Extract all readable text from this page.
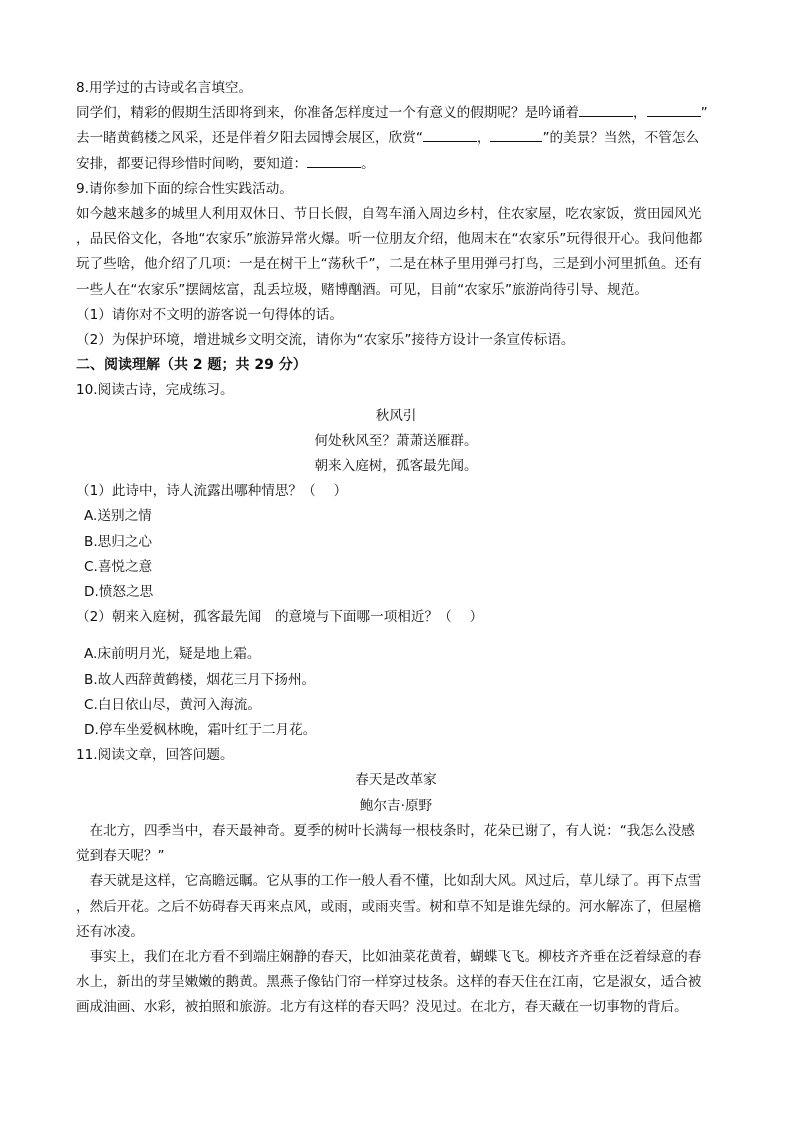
8.用学过的古诗或名言填空。

同学们，精彩的假期生活即将到来，你准备怎样度过一个有意义的假期呢？是吟诵着	，	”

去一睹黄鹤楼之风采，还是伴着夕阳去园博会展区，欣赏“	，	”的美景？当然，不管怎么

安排，都要记得珍惜时间哟，要知道：	。

9.请你参加下面的综合性实践活动。

如今越来越多的城里人利用双休日、节日长假，自驾车涌入周边乡村，住农家屋，吃农家饭，赏田园风光

，品民俗文化，各地“农家乐”旅游异常火爆。听一位朋友介绍，他周末在“农家乐”玩得很开心。我问他都

玩了些啥，他介绍了几项：一是在树干上“荡秋千”，二是在林子里用弹弓打鸟，三是到小河里抓鱼。还有

一些人在“农家乐”摆阔炫富，乱丢垃圾，赌博酗酒。可见，目前“农家乐”旅游尚待引导、规范。

（1）请你对不文明的游客说一句得体的话。

（2）为保护环境，增进城乡文明交流，请你为“农家乐”接待方设计一条宣传标语。

二、阅读理解（共 2 题；共 29 分）

10.阅读古诗，完成练习。

秋风引

何处秋风至？萧萧送雁群。

朝来入庭树，孤客最先闻。

（1）此诗中，诗人流露出哪种情思？（　 ）

A.送别之情

B.思归之心

C.喜悦之意

D.愤怒之思

（2）朝来入庭树，孤客最先闻　的意境与下面哪一项相近？（　 ）

A.床前明月光，疑是地上霜。

B.故人西辞黄鹤楼，烟花三月下扬州。

C.白日依山尽，黄河入海流。

D.停车坐爱枫林晚，霜叶红于二月花。

11.阅读文章，回答问题。

春天是改革家

鲍尔吉·原野

在北方，四季当中，春天最神奇。夏季的树叶长满每一根枝条时，花朵已谢了，有人说：“我怎么没感

觉到春天呢？”

春天就是这样，它高瞻远瞩。它从事的工作一般人看不懂，比如刮大风。风过后，草儿绿了。再下点雪

，然后开花。之后不妨碍春天再来点风，或雨，或雨夹雪。树和草不知是谁先绿的。河水解冻了，但屋檐

还有冰凌。

事实上，我们在北方看不到端庄娴静的春天，比如油菜花黄着，蝴蝶飞飞。柳枝齐齐垂在泛着绿意的春

水上，新出的芽呈嫩嫩的鹅黄。黑燕子像钻门帘一样穿过枝条。这样的春天住在江南，它是淑女，适合被

画成油画、水彩，被拍照和旅游。北方有这样的春天吗？没见过。在北方，春天藏在一切事物的背后。
